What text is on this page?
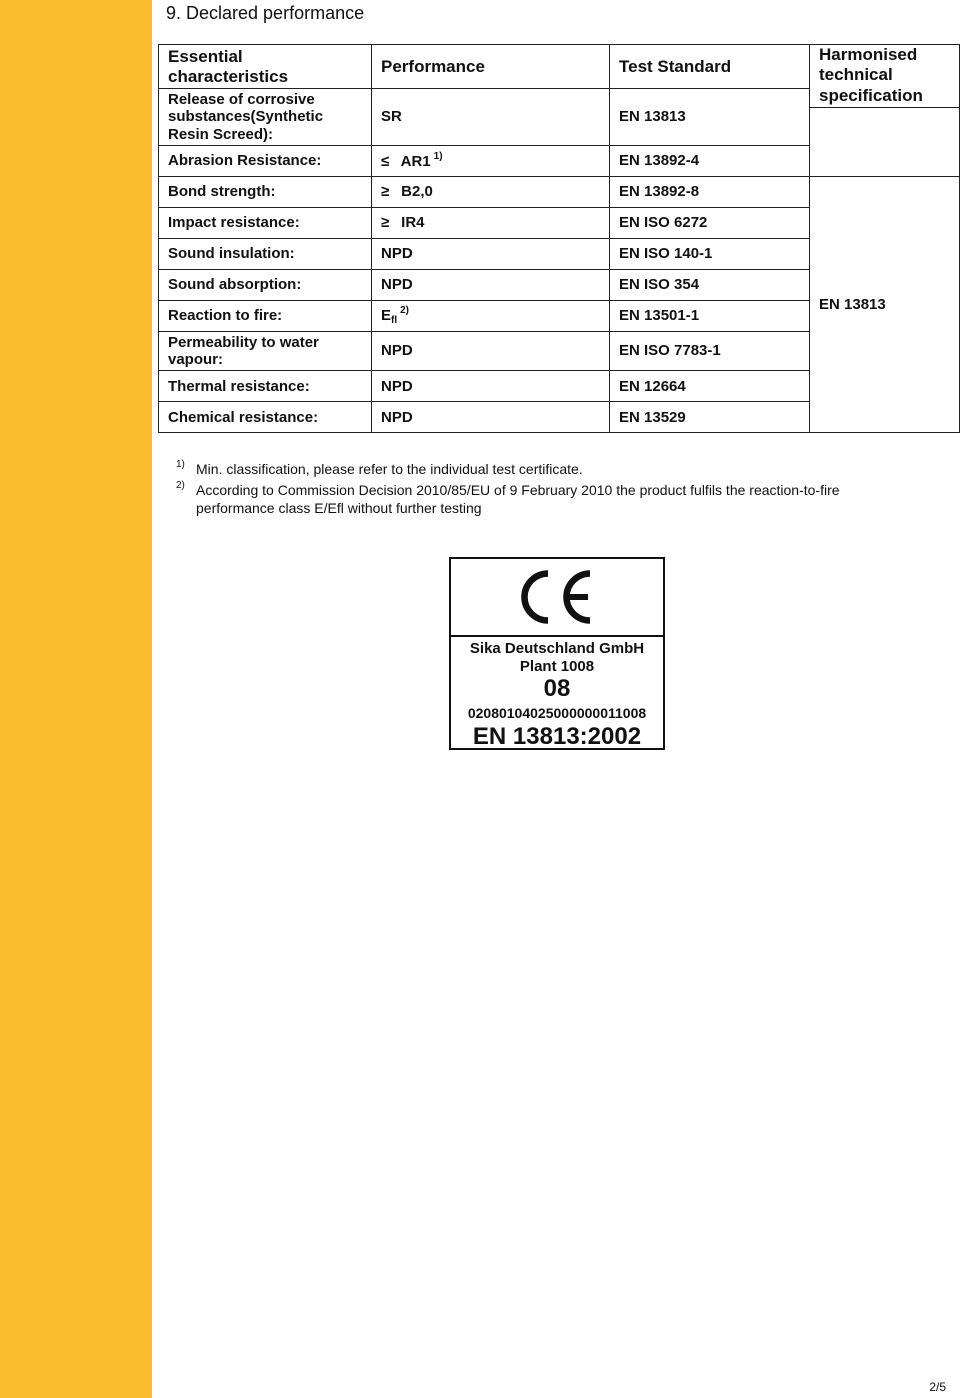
9. Declared performance
Essential characteristics	Performance	Test Standard	Harmonised technical specification

Release of corrosive substances(Synthetic Resin Screed):	SR	EN 13813	
Abrasion Resistance:	≤ AR1 $^{1)}$	EN 13892-4	
Bond strength:	≥ B2,0	EN 13892-8	EN 13813
Impact resistance:	≥ IR4	EN ISO 6272	
Sound insulation:	NPD	EN ISO 140-1	
Sound absorption:	NPD	EN ISO 354	
Reaction to fire:	$E_{fl}^{2)}$	EN 13501-1	
Permeability to water vapour:	NPD	EN ISO 7783-1	
Thermal resistance:	NPD	EN 12664	
Chemical resistance:	NPD	EN 13529	
1) Min. classification, please refer to the individual test certificate.
2) According to Commission Decision 2010/85/EU of 9 February 2010 the product fulfils the reaction-to-fire
performance class E/Efl without further testing
Sika Deutschland GmbH
Plant 1008
08
02080104025000000011008
EN 13813:2002
2/5
